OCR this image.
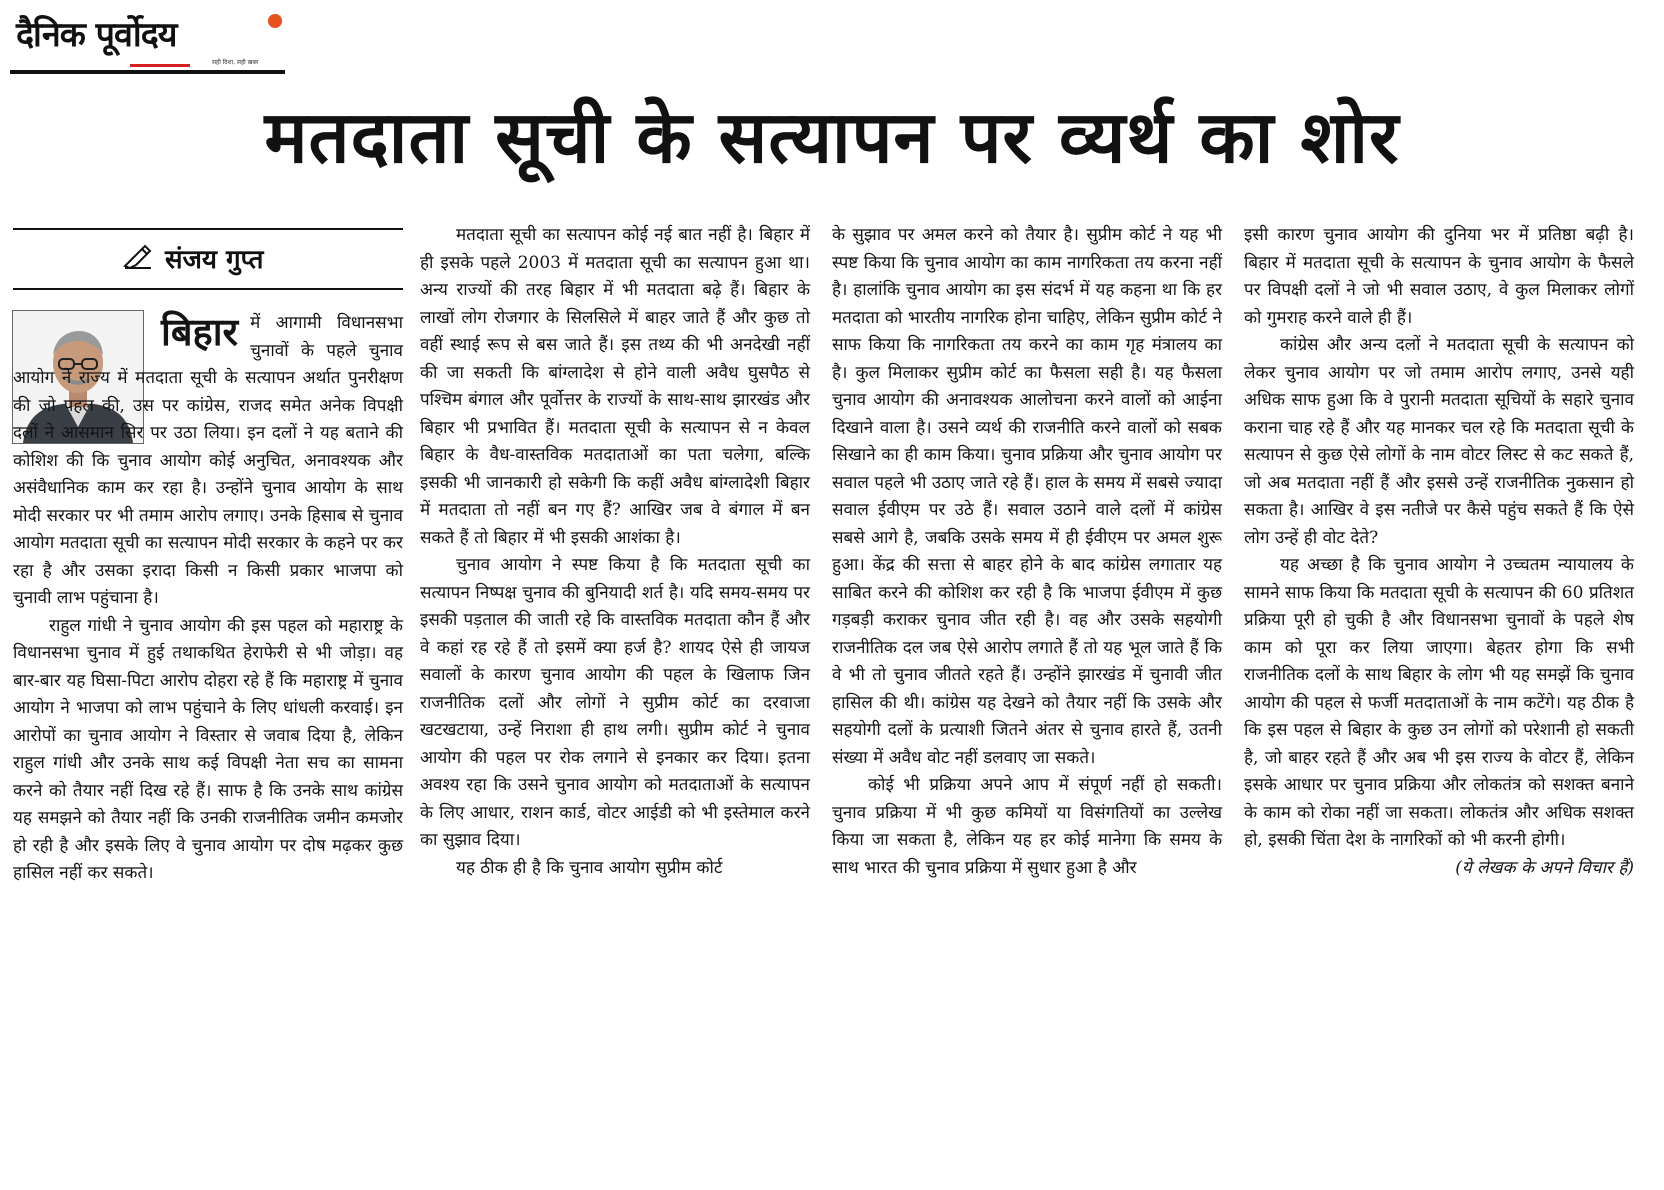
दैनिक पूर्वोदय
सही दिशा, सही खबर
मतदाता सूची के सत्यापन पर व्यर्थ का शोर
संजय गुप्त

बिहार में आगामी विधानसभा चुनावों के पहले चुनाव आयोग ने राज्य में मतदाता सूची के सत्यापन अर्थात पुनरीक्षण की जो पहल की, उस पर कांग्रेस, राजद समेत अनेक विपक्षी दलों ने आसमान सिर पर उठा लिया। इन दलों ने यह बताने की कोशिश की कि चुनाव आयोग कोई अनुचित, अनावश्यक और असंवैधानिक काम कर रहा है। उन्होंने चुनाव आयोग के साथ मोदी सरकार पर भी तमाम आरोप लगाए। उनके हिसाब से चुनाव आयोग मतदाता सूची का सत्यापन मोदी सरकार के कहने पर कर रहा है और उसका इरादा किसी न किसी प्रकार भाजपा को चुनावी लाभ पहुंचाना है।

राहुल गांधी ने चुनाव आयोग की इस पहल को महाराष्ट्र के विधानसभा चुनाव में हुई तथाकथित हेराफेरी से भी जोड़ा। वह बार-बार यह घिसा-पिटा आरोप दोहरा रहे हैं कि महाराष्ट्र में चुनाव आयोग ने भाजपा को लाभ पहुंचाने के लिए धांधली करवाई। इन आरोपों का चुनाव आयोग ने विस्तार से जवाब दिया है, लेकिन राहुल गांधी और उनके साथ कई विपक्षी नेता सच का सामना करने को तैयार नहीं दिख रहे हैं। साफ है कि उनके साथ कांग्रेस यह समझने को तैयार नहीं कि उनकी राजनीतिक जमीन कमजोर हो रही है और इसके लिए वे चुनाव आयोग पर दोष मढ़कर कुछ हासिल नहीं कर सकते।

मतदाता सूची का सत्यापन कोई नई बात नहीं है। बिहार में ही इसके पहले 2003 में मतदाता सूची का सत्यापन हुआ था। अन्य राज्यों की तरह बिहार में भी मतदाता बढ़े हैं। बिहार के लाखों लोग रोजगार के सिलसिले में बाहर जाते हैं और कुछ तो वहीं स्थाई रूप से बस जाते हैं। इस तथ्य की भी अनदेखी नहीं की जा सकती कि बांग्लादेश से होने वाली अवैध घुसपैठ से पश्चिम बंगाल और पूर्वोत्तर के राज्यों के साथ-साथ झारखंड और बिहार भी प्रभावित हैं। मतदाता सूची के सत्यापन से न केवल बिहार के वैध-वास्तविक मतदाताओं का पता चलेगा, बल्कि इसकी भी जानकारी हो सकेगी कि कहीं अवैध बांग्लादेशी बिहार में मतदाता तो नहीं बन गए हैं? आखिर जब वे बंगाल में बन सकते हैं तो बिहार में भी इसकी आशंका है।

चुनाव आयोग ने स्पष्ट किया है कि मतदाता सूची का सत्यापन निष्पक्ष चुनाव की बुनियादी शर्त है। यदि समय-समय पर इसकी पड़ताल की जाती रहे कि वास्तविक मतदाता कौन हैं और वे कहां रह रहे हैं तो इसमें क्या हर्ज है? शायद ऐसे ही जायज सवालों के कारण चुनाव आयोग की पहल के खिलाफ जिन राजनीतिक दलों और लोगों ने सुप्रीम कोर्ट का दरवाजा खटखटाया, उन्हें निराशा ही हाथ लगी। सुप्रीम कोर्ट ने चुनाव आयोग की पहल पर रोक लगाने से इनकार कर दिया। इतना अवश्य रहा कि उसने चुनाव आयोग को मतदाताओं के सत्यापन के लिए आधार, राशन कार्ड, वोटर आईडी को भी इस्तेमाल करने का सुझाव दिया।

यह ठीक ही है कि चुनाव आयोग सुप्रीम कोर्ट

के सुझाव पर अमल करने को तैयार है। सुप्रीम कोर्ट ने यह भी स्पष्ट किया कि चुनाव आयोग का काम नागरिकता तय करना नहीं है। हालांकि चुनाव आयोग का इस संदर्भ में यह कहना था कि हर मतदाता को भारतीय नागरिक होना चाहिए, लेकिन सुप्रीम कोर्ट ने साफ किया कि नागरिकता तय करने का काम गृह मंत्रालय का है। कुल मिलाकर सुप्रीम कोर्ट का फैसला सही है। यह फैसला चुनाव आयोग की अनावश्यक आलोचना करने वालों को आईना दिखाने वाला है। उसने व्यर्थ की राजनीति करने वालों को सबक सिखाने का ही काम किया। चुनाव प्रक्रिया और चुनाव आयोग पर सवाल पहले भी उठाए जाते रहे हैं। हाल के समय में सबसे ज्यादा सवाल ईवीएम पर उठे हैं। सवाल उठाने वाले दलों में कांग्रेस सबसे आगे है, जबकि उसके समय में ही ईवीएम पर अमल शुरू हुआ। केंद्र की सत्ता से बाहर होने के बाद कांग्रेस लगातार यह साबित करने की कोशिश कर रही है कि भाजपा ईवीएम में कुछ गड़बड़ी कराकर चुनाव जीत रही है। वह और उसके सहयोगी राजनीतिक दल जब ऐसे आरोप लगाते हैं तो यह भूल जाते हैं कि वे भी तो चुनाव जीतते रहते हैं। उन्होंने झारखंड में चुनावी जीत हासिल की थी। कांग्रेस यह देखने को तैयार नहीं कि उसके और सहयोगी दलों के प्रत्याशी जितने अंतर से चुनाव हारते हैं, उतनी संख्या में अवैध वोट नहीं डलवाए जा सकते।

कोई भी प्रक्रिया अपने आप में संपूर्ण नहीं हो सकती। चुनाव प्रक्रिया में भी कुछ कमियों या विसंगतियों का उल्लेख किया जा सकता है, लेकिन यह हर कोई मानेगा कि समय के साथ भारत की चुनाव प्रक्रिया में सुधार हुआ है और

इसी कारण चुनाव आयोग की दुनिया भर में प्रतिष्ठा बढ़ी है। बिहार में मतदाता सूची के सत्यापन के चुनाव आयोग के फैसले पर विपक्षी दलों ने जो भी सवाल उठाए, वे कुल मिलाकर लोगों को गुमराह करने वाले ही हैं।

कांग्रेस और अन्य दलों ने मतदाता सूची के सत्यापन को लेकर चुनाव आयोग पर जो तमाम आरोप लगाए, उनसे यही अधिक साफ हुआ कि वे पुरानी मतदाता सूचियों के सहारे चुनाव कराना चाह रहे हैं और यह मानकर चल रहे कि मतदाता सूची के सत्यापन से कुछ ऐसे लोगों के नाम वोटर लिस्ट से कट सकते हैं, जो अब मतदाता नहीं हैं और इससे उन्हें राजनीतिक नुकसान हो सकता है। आखिर वे इस नतीजे पर कैसे पहुंच सकते हैं कि ऐसे लोग उन्हें ही वोट देते?

यह अच्छा है कि चुनाव आयोग ने उच्चतम न्यायालय के सामने साफ किया कि मतदाता सूची के सत्यापन की 60 प्रतिशत प्रक्रिया पूरी हो चुकी है और विधानसभा चुनावों के पहले शेष काम को पूरा कर लिया जाएगा। बेहतर होगा कि सभी राजनीतिक दलों के साथ बिहार के लोग भी यह समझें कि चुनाव आयोग की पहल से फर्जी मतदाताओं के नाम कटेंगे। यह ठीक है कि इस पहल से बिहार के कुछ उन लोगों को परेशानी हो सकती है, जो बाहर रहते हैं और अब भी इस राज्य के वोटर हैं, लेकिन इसके आधार पर चुनाव प्रक्रिया और लोकतंत्र को सशक्त बनाने के काम को रोका नहीं जा सकता। लोकतंत्र और अधिक सशक्त हो, इसकी चिंता देश के नागरिकों को भी करनी होगी।

(ये लेखक के अपने विचार हैं)
